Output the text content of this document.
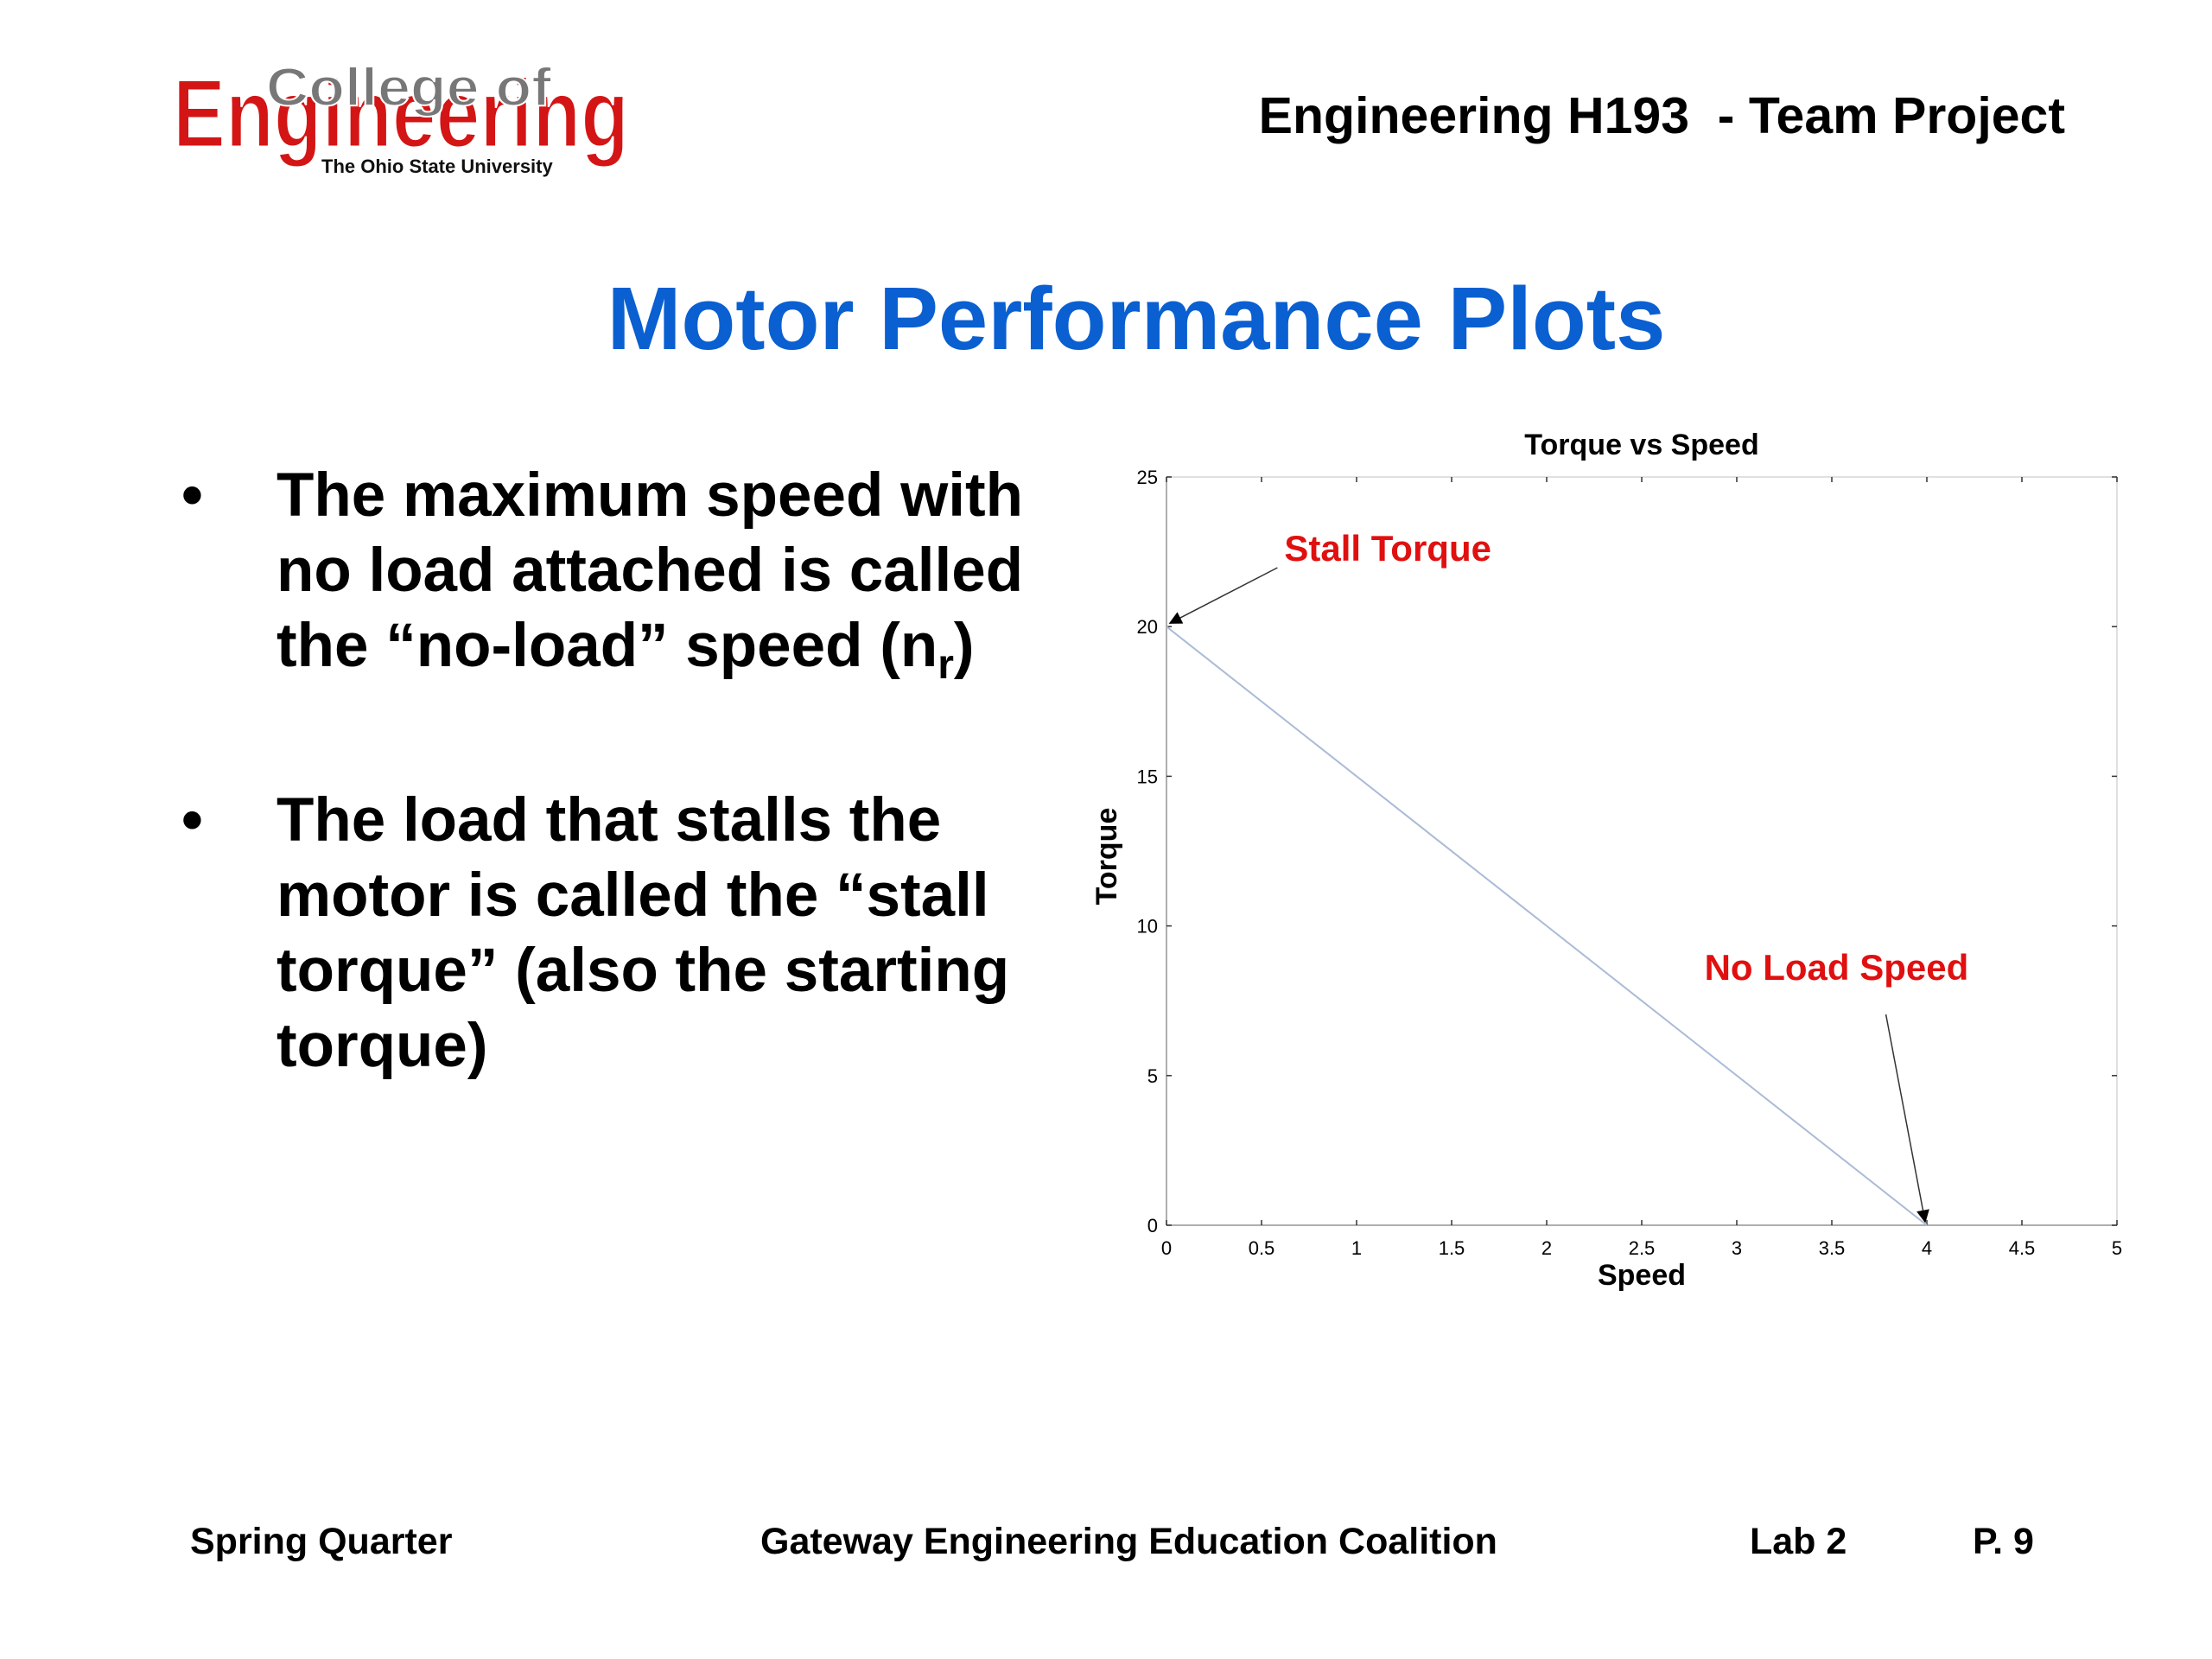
Engineering
College of
The Ohio State University
Engineering H193  - Team Project
Motor Performance Plots
•	The maximum speed with no load attached is called the “no-load” speed $(n_r)$
•	The load that stalls the motor is called the “stall torque” (also the starting torque)
Torque vs Speed
0	0.5	1	1.5	2	2.5	3	3.5	4	4.5	5
0
5
10
15
20
25
Stall Torque
No Load Speed
Speed
Torque
Spring Quarter	Gateway Engineering Education Coalition	Lab 2	P. 9
